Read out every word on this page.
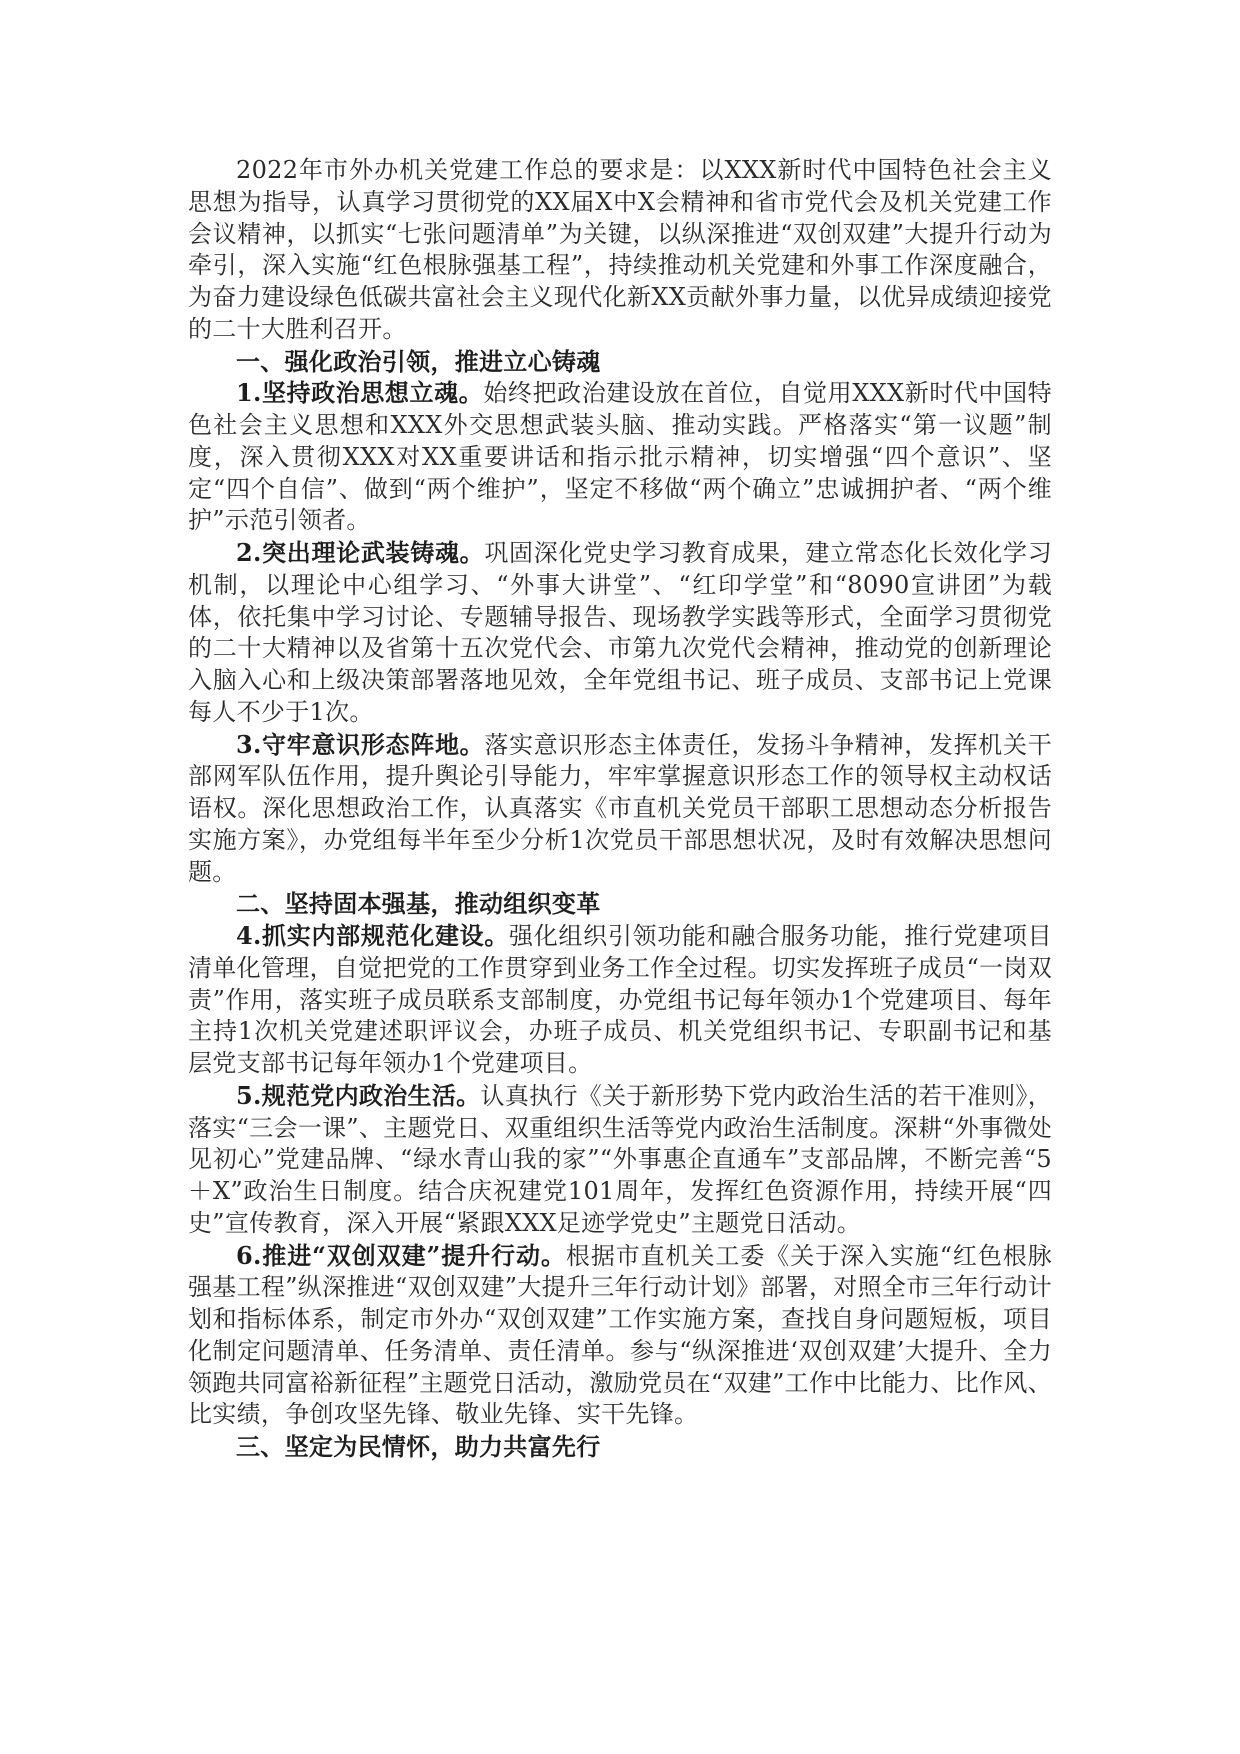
2022年市外办机关党建工作总的要求是：以XXX新时代中国特色社会主义思想为指导，认真学习贯彻党的XX届X中X会精神和省市党代会及机关党建工作会议精神，以抓实“七张问题清单”为关键，以纵深推进“双创双建”大提升行动为牵引，深入实施“红色根脉强基工程”，持续推动机关党建和外事工作深度融合，为奋力建设绿色低碳共富社会主义现代化新XX贡献外事力量，以优异成绩迎接党的二十大胜利召开。

一、强化政治引领，推进立心铸魂

1.坚持政治思想立魂。始终把政治建设放在首位，自觉用XXX新时代中国特色社会主义思想和XXX外交思想武装头脑、推动实践。严格落实“第一议题”制度，深入贯彻XXX对XX重要讲话和指示批示精神，切实增强“四个意识”、坚定“四个自信”、做到“两个维护”，坚定不移做“两个确立”忠诚拥护者、“两个维护”示范引领者。

2.突出理论武装铸魂。巩固深化党史学习教育成果，建立常态化长效化学习机制，以理论中心组学习、“外事大讲堂”、“红印学堂”和“8090宣讲团”为载体，依托集中学习讨论、专题辅导报告、现场教学实践等形式，全面学习贯彻党的二十大精神以及省第十五次党代会、市第九次党代会精神，推动党的创新理论入脑入心和上级决策部署落地见效，全年党组书记、班子成员、支部书记上党课每人不少于1次。

3.守牢意识形态阵地。落实意识形态主体责任，发扬斗争精神，发挥机关干部网军队伍作用，提升舆论引导能力，牢牢掌握意识形态工作的领导权主动权话语权。深化思想政治工作，认真落实《市直机关党员干部职工思想动态分析报告实施方案》，办党组每半年至少分析1次党员干部思想状况，及时有效解决思想问题。

二、坚持固本强基，推动组织变革

4.抓实内部规范化建设。强化组织引领功能和融合服务功能，推行党建项目清单化管理，自觉把党的工作贯穿到业务工作全过程。切实发挥班子成员“一岗双责”作用，落实班子成员联系支部制度，办党组书记每年领办1个党建项目、每年主持1次机关党建述职评议会，办班子成员、机关党组织书记、专职副书记和基层党支部书记每年领办1个党建项目。

5.规范党内政治生活。认真执行《关于新形势下党内政治生活的若干准则》，落实“三会一课”、主题党日、双重组织生活等党内政治生活制度。深耕“外事微处见初心”党建品牌、“绿水青山我的家”“外事惠企直通车”支部品牌，不断完善“5＋X”政治生日制度。结合庆祝建党101周年，发挥红色资源作用，持续开展“四史”宣传教育，深入开展“紧跟XXX足迹学党史”主题党日活动。

6.推进“双创双建”提升行动。根据市直机关工委《关于深入实施“红色根脉强基工程”纵深推进“双创双建”大提升三年行动计划》部署，对照全市三年行动计划和指标体系，制定市外办“双创双建”工作实施方案，查找自身问题短板，项目化制定问题清单、任务清单、责任清单。参与“纵深推进‘双创双建’大提升、全力领跑共同富裕新征程”主题党日活动，激励党员在“双建”工作中比能力、比作风、比实绩，争创攻坚先锋、敬业先锋、实干先锋。

三、坚定为民情怀，助力共富先行
